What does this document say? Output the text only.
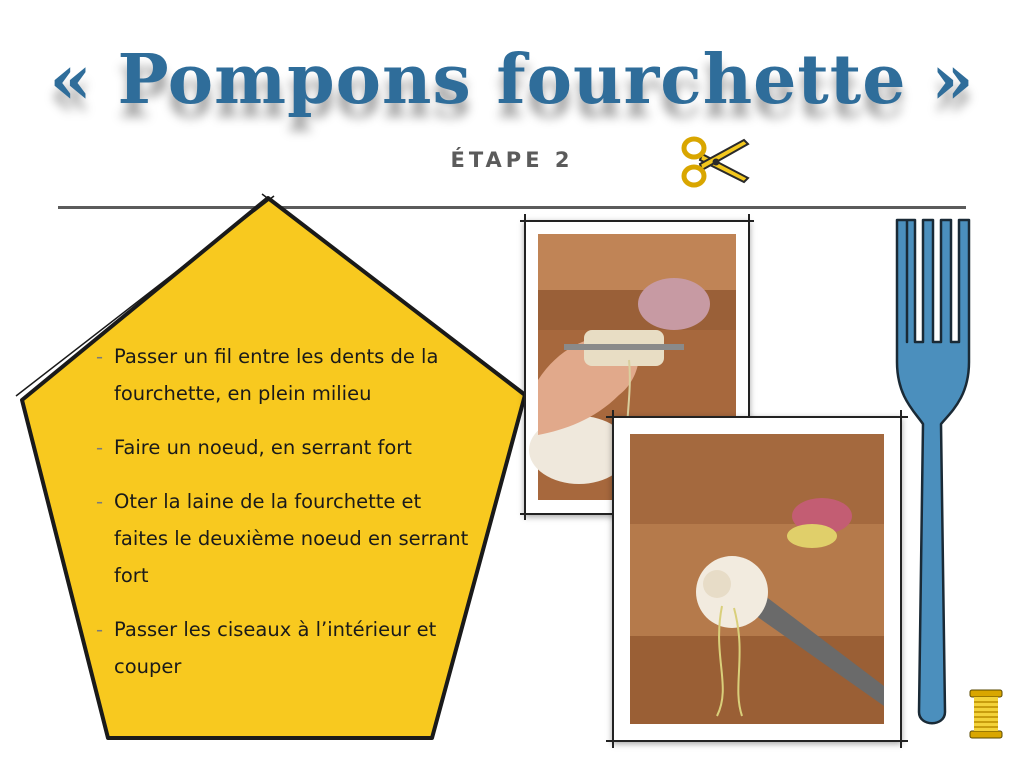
« Pompons fourchette »
ÉTAPE 2
- Passer un fil entre les dents de la fourchette, en plein milieu
- Faire un noeud, en serrant fort
- Oter la laine de la fourchette et faites le deuxième noeud en serrant fort
- Passer les ciseaux à l’intérieur et couper
